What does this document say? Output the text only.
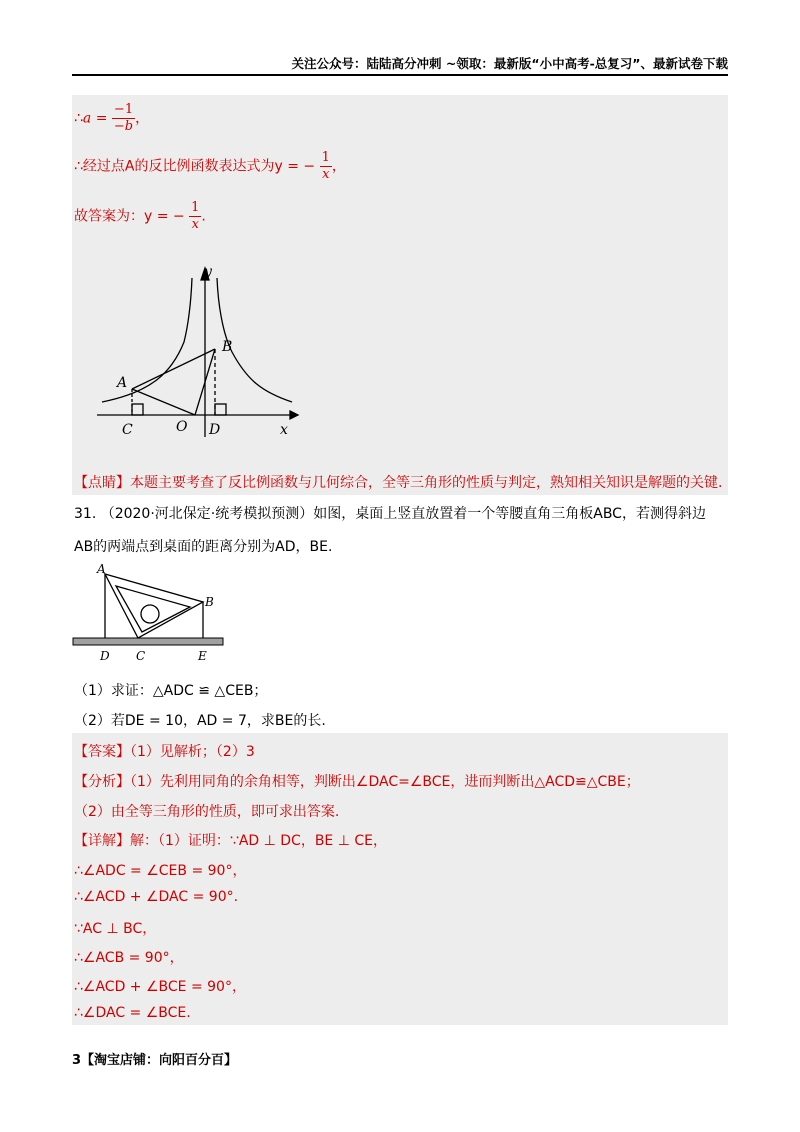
关注公众号：陆陆高分冲刺 ~领取：最新版“小中高考-总复习”、最新试卷下载
∴a = $\frac{-1}{-b}$ ，
∴经过点A的反比例函数表达式为y = − $\frac{1}{x}$ ，
故答案为：y = − $\frac{1}{x}$ .
y
x
A
B
C	O D
【点睛】本题主要考查了反比例函数与几何综合，全等三角形的性质与判定，熟知相关知识是解题的关键.
31. （2020·河北保定·统考模拟预测）如图，桌面上竖直放置着一个等腰直角三角板ABC，若测得斜边
AB的两端点到桌面的距离分别为AD，BE.
A
B
C
D	E
（1）求证：△ADC ≌ △CEB；
（2）若DE = 10，AD = 7，求BE的长.
【答案】（1）见解析；（2）3
【分析】（1）先利用同角的余角相等，判断出∠DAC=∠BCE，进而判断出△ACD≌△CBE；
（2）由全等三角形的性质，即可求出答案.
【详解】解：（1）证明：∵AD ⊥ DC，BE ⊥ CE，
∴∠ADC = ∠CEB = 90°，
∴∠ACD + ∠DAC = 90°.
∵AC ⊥ BC，
∴∠ACB = 90°，
∴∠ACD + ∠BCE = 90°，
∴∠DAC = ∠BCE.
3【淘宝店铺：向阳百分百】
